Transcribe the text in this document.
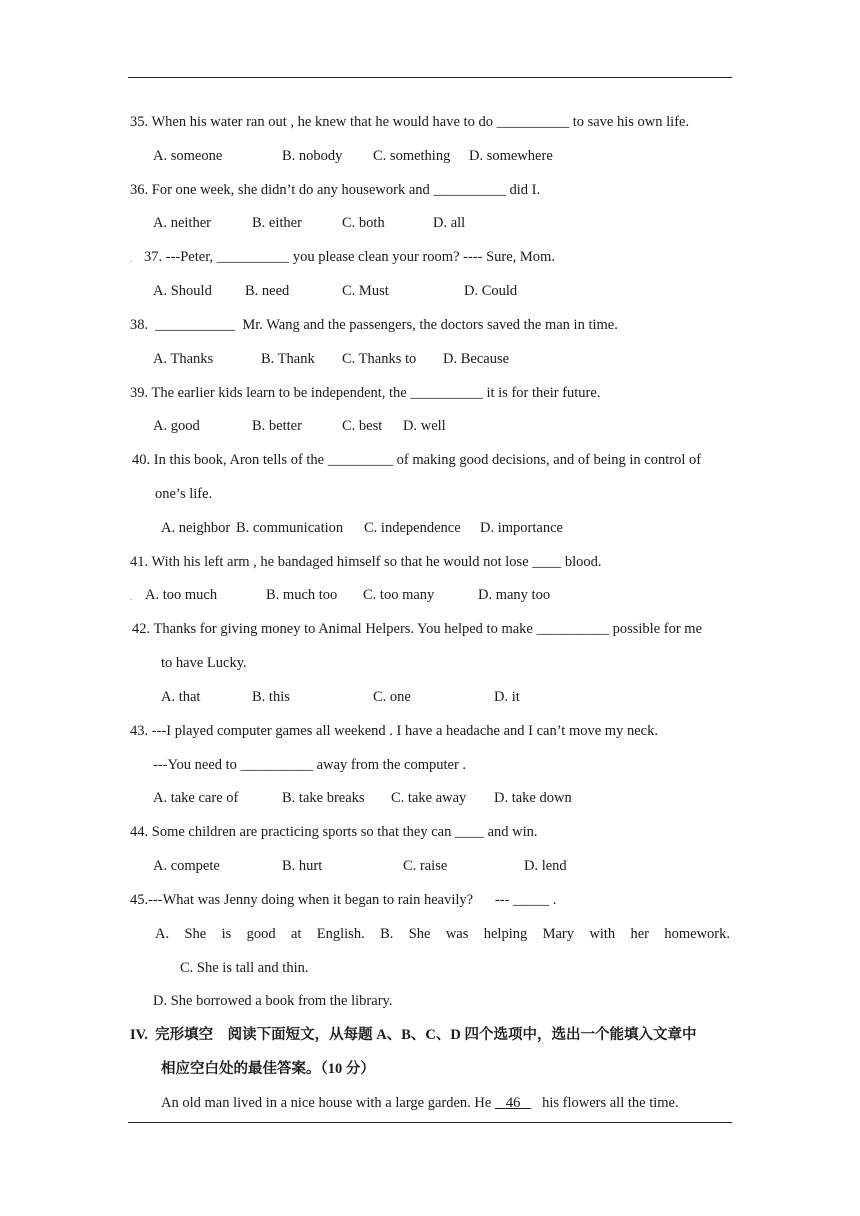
35. When his water ran out , he knew that he would have to do __________ to save his own life.
A. someone	B. nobody C. something D. somewhere
36. For one week, she didn’t do any housework and __________ did I.
A. neither	B. either	C. both	D. all
. 37. ---Peter, __________ you please clean your room? ---- Sure, Mom.
A. Should B. need	C. Must	D. Could
38.  ___________  Mr. Wang and the passengers, the doctors saved the man in time.
A. Thanks	B. Thank C. Thanks to D. Because
39. The earlier kids learn to be independent, the __________ it is for their future.
A. good	B. better	C. best D. well
40. In this book, Aron tells of the _________ of making good decisions, and of being in control of
one’s life.
A. neighbor B. communication C. independence D. importance
41. With his left arm , he bandaged himself so that he would not lose ____ blood.
. A. too much	B. much too C. too many	D. many too
42. Thanks for giving money to Animal Helpers. You helped to make __________ possible for me
to have Lucky.
A. that	B. this	C. one	D. it
43. ---I played computer games all weekend . I have a headache and I can’t move my neck.
---You need to __________ away from the computer .
A. take care of	B. take breaks C. take away D. take down
44. Some children are practicing sports so that they can ____ and win.
A. compete	B. hurt	C. raise	D. lend
45.---What was Jenny doing when it began to rain heavily?      --- _____ .
A. She is good at English. B. She was helping Mary with her homework.
C. She is tall and thin.
D. She borrowed a book from the library.
IV.  完形填空    阅读下面短文，从每题 A、B、C、D 四个选项中，选出一个能填入文章中
相应空白处的最佳答案。（10 分）
An old man lived in a nice house with a large garden. He    46      his flowers all the time.
